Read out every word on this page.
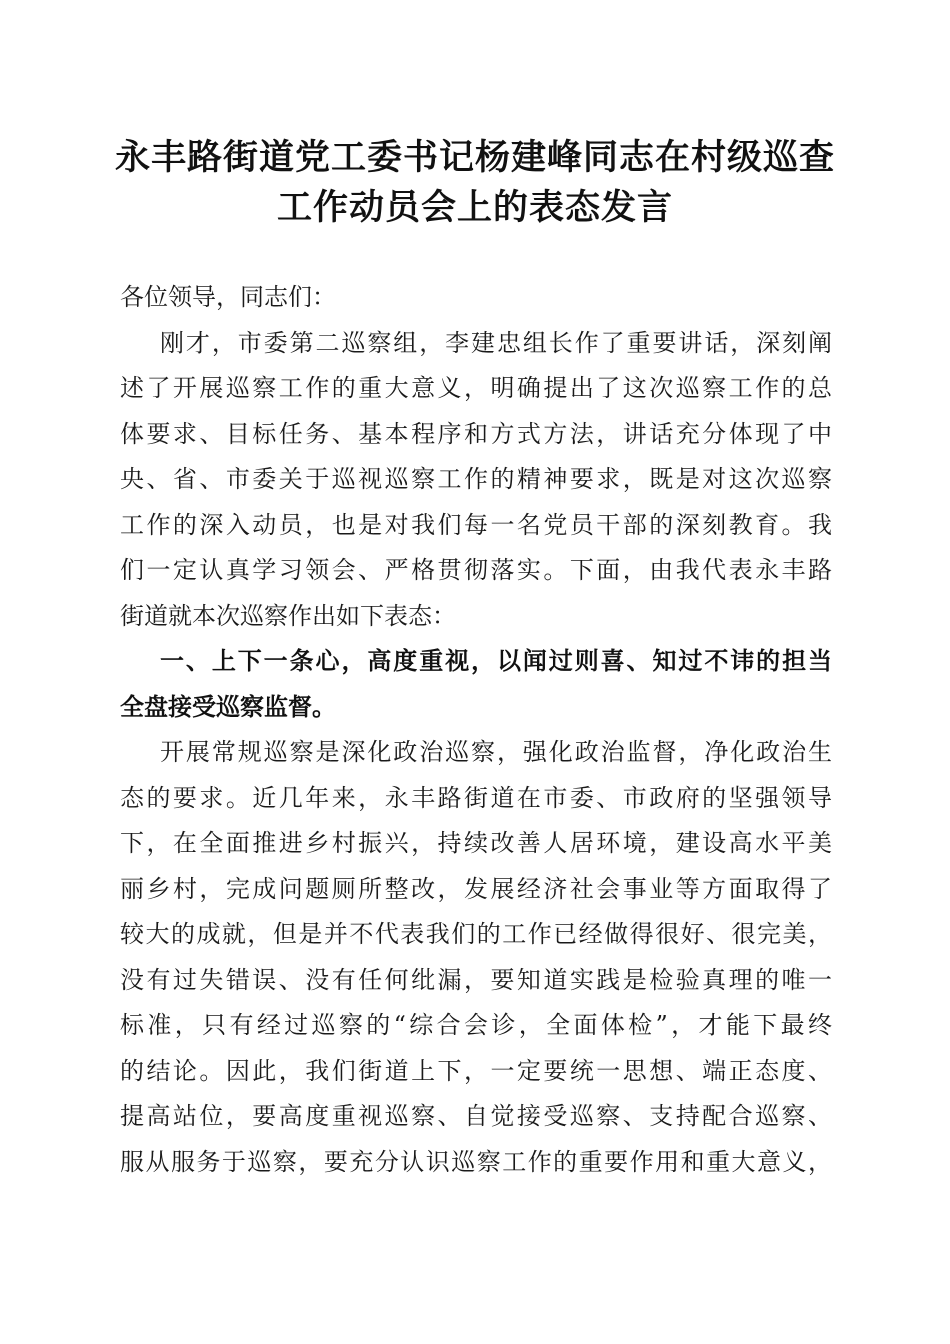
永丰路街道党工委书记杨建峰同志在村级巡查
工作动员会上的表态发言
各位领导，同志们：
刚才，市委第二巡察组，李建忠组长作了重要讲话，深刻阐
述了开展巡察工作的重大意义，明确提出了这次巡察工作的总
体要求、目标任务、基本程序和方式方法，讲话充分体现了中
央、省、市委关于巡视巡察工作的精神要求，既是对这次巡察
工作的深入动员，也是对我们每一名党员干部的深刻教育。我
们一定认真学习领会、严格贯彻落实。下面，由我代表永丰路
街道就本次巡察作出如下表态：
一、上下一条心，高度重视，以闻过则喜、知过不讳的担当
全盘接受巡察监督。
开展常规巡察是深化政治巡察，强化政治监督，净化政治生
态的要求。近几年来，永丰路街道在市委、市政府的坚强领导
下，在全面推进乡村振兴，持续改善人居环境，建设高水平美
丽乡村，完成问题厕所整改，发展经济社会事业等方面取得了
较大的成就，但是并不代表我们的工作已经做得很好、很完美，
没有过失错误、没有任何纰漏，要知道实践是检验真理的唯一
标准，只有经过巡察的“综合会诊，全面体检”，才能下最终
的结论。因此，我们街道上下，一定要统一思想、端正态度、
提高站位，要高度重视巡察、自觉接受巡察、支持配合巡察、
服从服务于巡察，要充分认识巡察工作的重要作用和重大意义，
